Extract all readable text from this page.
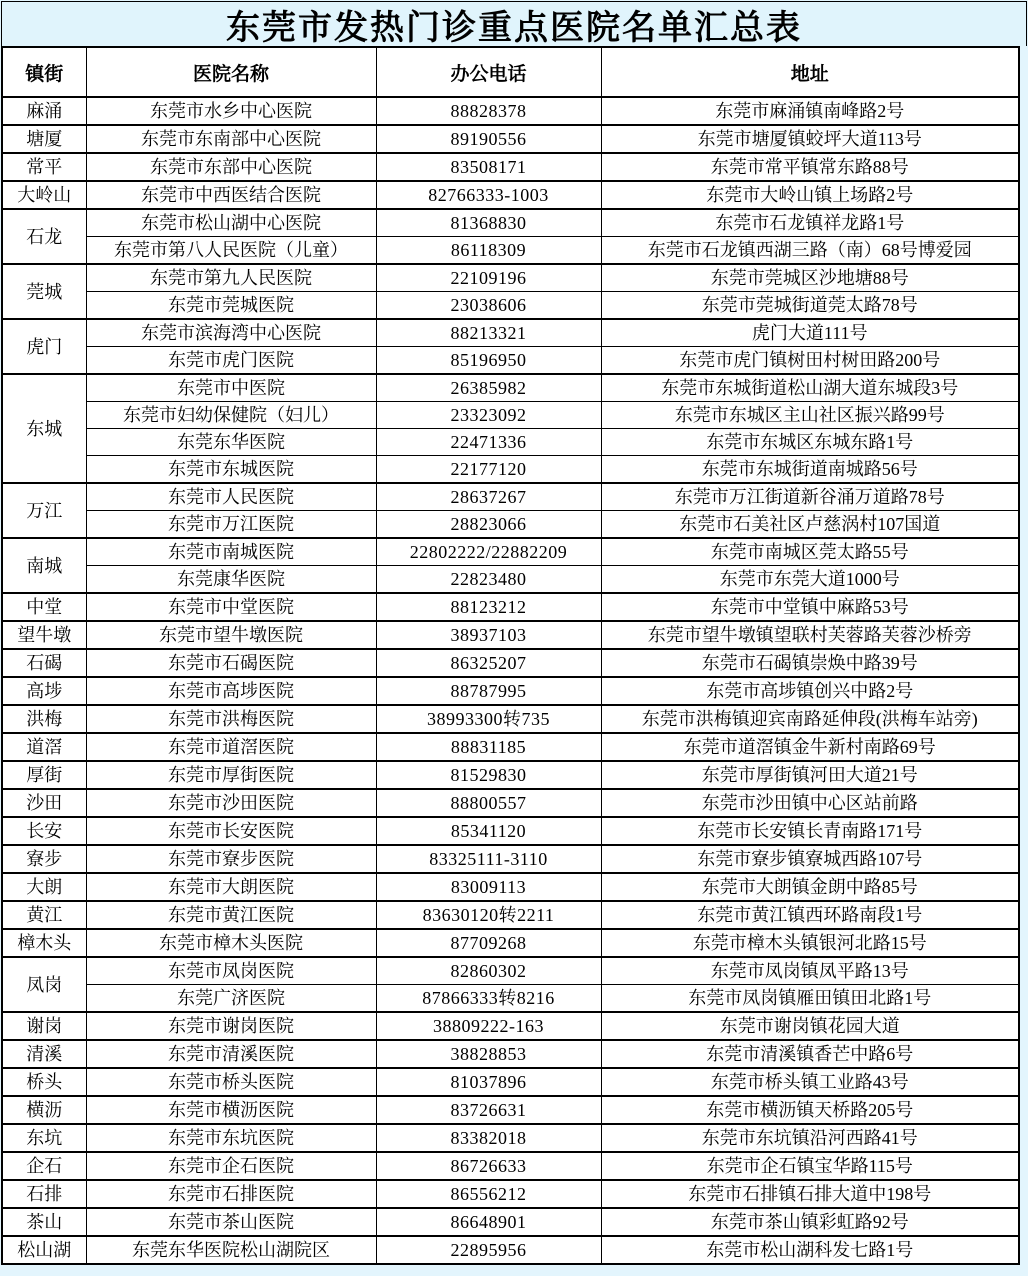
东莞市发热门诊重点医院名单汇总表
镇街	医院名称	办公电话	地址
麻涌	东莞市水乡中心医院	88828378	东莞市麻涌镇南峰路2号
塘厦	东莞市东南部中心医院	89190556	东莞市塘厦镇蛟坪大道113号
常平	东莞市东部中心医院	83508171	东莞市常平镇常东路88号
大岭山	东莞市中西医结合医院	82766333-1003	东莞市大岭山镇上场路2号
石龙	东莞市松山湖中心医院	81368830	东莞市石龙镇祥龙路1号
	东莞市第八人民医院（儿童）	86118309	东莞市石龙镇西湖三路（南）68号博爱园
莞城	东莞市第九人民医院	22109196	东莞市莞城区沙地塘88号
	东莞市莞城医院	23038606	东莞市莞城街道莞太路78号
虎门	东莞市滨海湾中心医院	88213321	虎门大道111号
	东莞市虎门医院	85196950	东莞市虎门镇树田村树田路200号
东城	东莞市中医院	26385982	东莞市东城街道松山湖大道东城段3号
	东莞市妇幼保健院（妇儿）	23323092	东莞市东城区主山社区振兴路99号
	东莞东华医院	22471336	东莞市东城区东城东路1号
	东莞市东城医院	22177120	东莞市东城街道南城路56号
万江	东莞市人民医院	28637267	东莞市万江街道新谷涌万道路78号
	东莞市万江医院	28823066	东莞市石美社区卢慈涡村107国道
南城	东莞市南城医院	22802222/22882209	东莞市南城区莞太路55号
	东莞康华医院	22823480	东莞市东莞大道1000号
中堂	东莞市中堂医院	88123212	东莞市中堂镇中麻路53号
望牛墩	东莞市望牛墩医院	38937103	东莞市望牛墩镇望联村芙蓉路芙蓉沙桥旁
石碣	东莞市石碣医院	86325207	东莞市石碣镇崇焕中路39号
高埗	东莞市高埗医院	88787995	东莞市高埗镇创兴中路2号
洪梅	东莞市洪梅医院	38993300转735	东莞市洪梅镇迎宾南路延伸段(洪梅车站旁)
道滘	东莞市道滘医院	88831185	东莞市道滘镇金牛新村南路69号
厚街	东莞市厚街医院	81529830	东莞市厚街镇河田大道21号
沙田	东莞市沙田医院	88800557	东莞市沙田镇中心区站前路
长安	东莞市长安医院	85341120	东莞市长安镇长青南路171号
寮步	东莞市寮步医院	83325111-3110	东莞市寮步镇寮城西路107号
大朗	东莞市大朗医院	83009113	东莞市大朗镇金朗中路85号
黄江	东莞市黄江医院	83630120转2211	东莞市黄江镇西环路南段1号
樟木头	东莞市樟木头医院	87709268	东莞市樟木头镇银河北路15号
凤岗	东莞市凤岗医院	82860302	东莞市凤岗镇凤平路13号
	东莞广济医院	87866333转8216	东莞市凤岗镇雁田镇田北路1号
谢岗	东莞市谢岗医院	38809222-163	东莞市谢岗镇花园大道
清溪	东莞市清溪医院	38828853	东莞市清溪镇香芒中路6号
桥头	东莞市桥头医院	81037896	东莞市桥头镇工业路43号
横沥	东莞市横沥医院	83726631	东莞市横沥镇天桥路205号
东坑	东莞市东坑医院	83382018	东莞市东坑镇沿河西路41号
企石	东莞市企石医院	86726633	东莞市企石镇宝华路115号
石排	东莞市石排医院	86556212	东莞市石排镇石排大道中198号
茶山	东莞市茶山医院	86648901	东莞市茶山镇彩虹路92号
松山湖	东莞东华医院松山湖院区	22895956	东莞市松山湖科发七路1号
